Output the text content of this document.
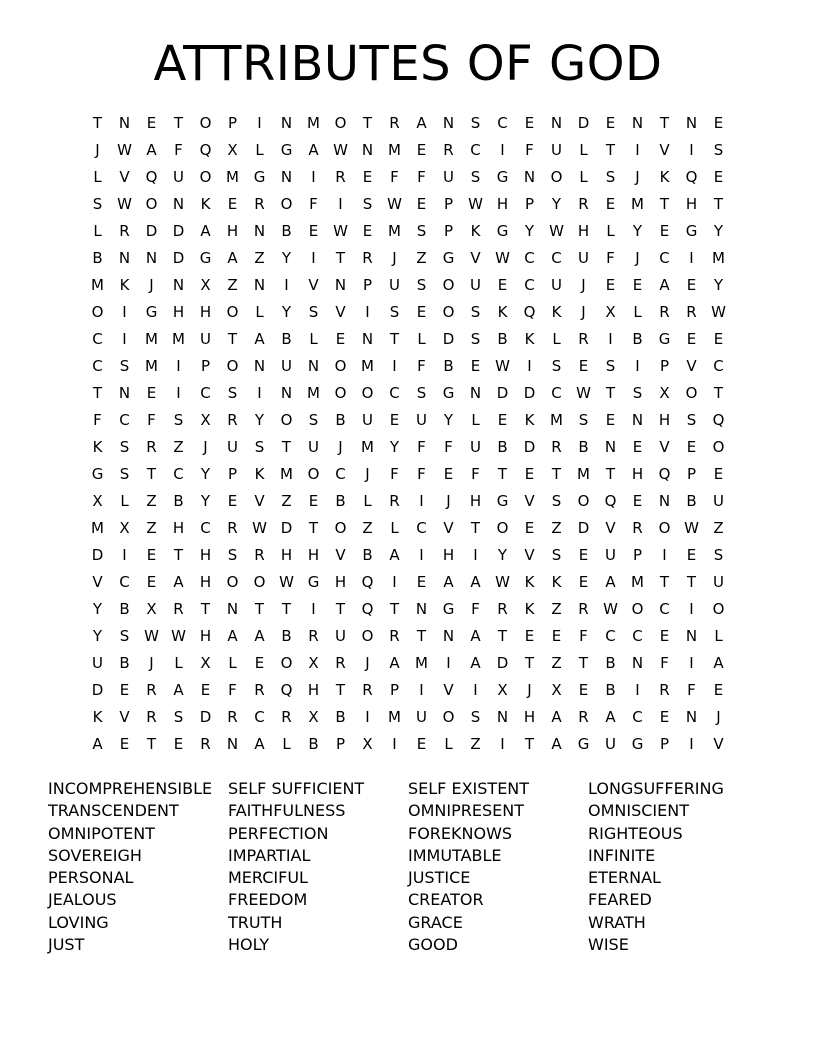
ATTRIBUTES OF GOD
T	N	E	T	O	P	I	N M O	T	R	A	N	S	C	E	N	D	E	N	T	N	E
J	W A	F	Q	X	L	G	A W N M	E	R	C	I	F	U	L	T	I	V	I	S
L	V	Q	U	O M G	N	I	R	E	F	F	U	S	G	N	O	L	S	J	K	Q	E
S W O	N	K	E	R	O	F	I	S W E	P	W H	P	Y	R	E	M	T	H	T
L	R	D	D	A	H	N	B	E W E	M	S	P	K	G	Y	W H	L	Y	E	G	Y
B	N	N	D	G	A	Z	Y	I	T	R	J	Z	G	V W C	C	U	F	J	C	I	M
M	K	J	N	X	Z	N	I	V	N	P	U	S	O	U	E	C	U	J	E	E	A	E	Y
O	I	G	H	H	O	L	Y	S	V	I	S	E	O	S	K	Q	K	J	X	L	R	R W
C	I	M M	U	T	A	B	L	E	N	T	L	D	S	B	K	L	R	I	B	G	E	E
C	S	M	I	P	O	N	U	N	O M	I	F	B	E W	I	S	E	S	I	P	V	C
T	N	E	I	C	S	I	N M O	O	C	S	G	N	D	D	C W T	S	X	O	T
F	C	F	S	X	R	Y	O	S	B	U	E	U	Y	L	E	K	M	S	E	N	H	S	Q
K	S	R	Z	J	U	S	T	U	J	M	Y	F	F	U	B	D	R	B	N	E	V	E	O
G	S	T	C	Y	P	K	M O	C	J	F	F	E	F	T	E	T	M	T	H	Q	P	E
X	L	Z	B	Y	E	V	Z	E	B	L	R	I	J	H	G	V	S	O	Q	E	N	B	U
M	X	Z	H	C	R W D	T	O	Z	L	C	V	T	O	E	Z	D	V	R	O W Z
D	I	E	T	H	S	R	H	H	V	B	A	I	H	I	Y	V	S	E	U	P	I	E	S
V	C	E	A	H	O	O W G	H	Q	I	E	A	A W K	K	E	A	M	T	T	U
Y	B	X	R	T	N	T	T	I	T	Q	T	N	G	F	R	K	Z	R W O	C	I	O
Y	S W W H	A	A	B	R	U	O	R	T	N	A	T	E	E	F	C	C	E	N	L
U	B	J	L	X	L	E	O	X	R	J	A	M	I	A	D	T	Z	T	B	N	F	I	A
D	E	R	A	E	F	R	Q	H	T	R	P	I	V	I	X	J	X	E	B	I	R	F	E
K	V	R	S	D	R	C	R	X	B	I	M	U	O	S	N	H	A	R	A	C	E	N	J
A	E	T	E	R	N	A	L	B	P	X	I	E	L	Z	I	T	A	G	U	G	P	I	V
INCOMPREHENSIBLE
TRANSCENDENT
OMNIPOTENT
SOVEREIGH
PERSONAL
JEALOUS
LOVING
JUST
SELF SUFFICIENT
FAITHFULNESS
PERFECTION
IMPARTIAL
MERCIFUL
FREEDOM
TRUTH
HOLY
SELF EXISTENT
OMNIPRESENT
FOREKNOWS
IMMUTABLE
JUSTICE
CREATOR
GRACE
GOOD
LONGSUFFERING
OMNISCIENT
RIGHTEOUS
INFINITE
ETERNAL
FEARED
WRATH
WISE
